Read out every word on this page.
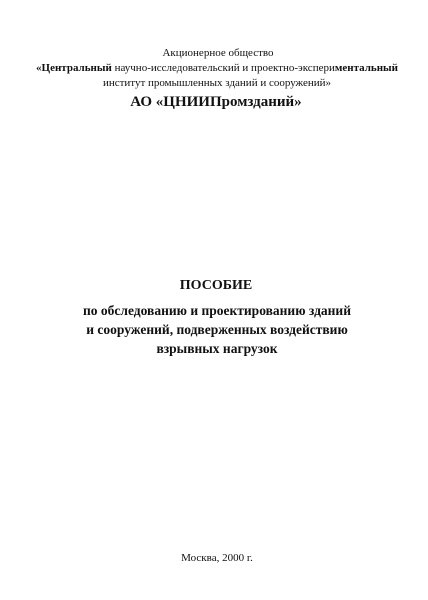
Акционерное общество
«Центральный научно-исследовательский и проектно-экспериментальный
институт промышленных зданий и сооружений»
АО «ЦНИИПромзданий»
ПОСОБИЕ
по обследованию и проектированию зданий
и сооружений, подверженных воздействию
взрывных нагрузок
Москва, 2000 г.
